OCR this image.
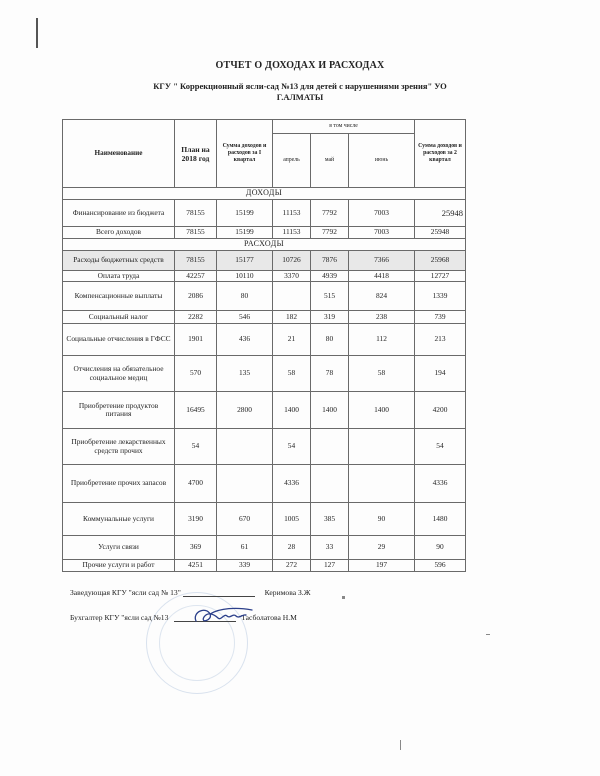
ОТЧЕТ О ДОХОДАХ И РАСХОДАХ
КГУ " Коррекционный ясли-сад №13 для детей с нарушениями зрения" УО
Г.АЛМАТЫ
Наименование	План на 2018 год	Сумма доходов и расходов за I квартал	в том числе			Сумма доходов и расходов за 2 квартал
			апрель	май	июнь	
ДОХОДЫ						
Финансирование из бюджета	78155	15199	11153	7792	7003	25948
Всего доходов	78155	15199	11153	7792	7003	25948
РАСХОДЫ						
Расходы бюджетных средств	78155	15177	10726	7876	7366	25968
Оплата труда	42257	10110	3370	4939	4418	12727
Компенсационные выплаты	2086	80		515	824	1339
Социальный налог	2282	546	182	319	238	739
Социальные отчисления в ГФСС	1901	436	21	80	112	213
Отчисления на обязательное социальное медиц	570	135	58	78	58	194
Приобретение продуктов питания	16495	2800	1400	1400	1400	4200
Приобретение лекарственных средств прочих	54		54			54
Приобретение прочих запасов	4700		4336			4336
Коммунальные услуги	3190	670	1005	385	90	1480
Услуги связи	369	61	28	33	29	90
Прочие услуги и работ	4251	339	272	127	197	596
Заведующая КГУ "ясли сад № 13"	Керимова З.Ж
Бухгалтер КГУ "ясли сад №13	Тасболатова Н.М
